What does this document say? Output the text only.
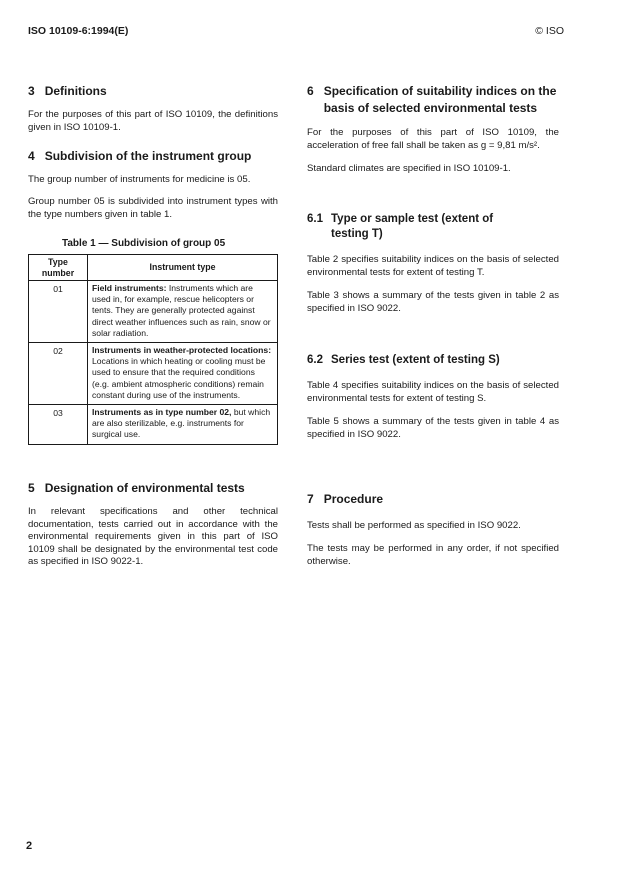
ISO 10109-6:1994(E)	© ISO
3 Definitions

For the purposes of this part of ISO 10109, the definitions given in ISO 10109-1.

4 Subdivision of the instrument group

The group number of instruments for medicine is 05.

Group number 05 is subdivided into instrument types with the type numbers given in table 1.

Table 1 — Subdivision of group 05
Type number	Instrument type
01	Field instruments: Instruments which are used in, for example, rescue helicopters or tents. They are generally protected against direct weather influences such as rain, snow or solar radiation.
02	Instruments in weather-protected locations: Locations in which heating or cooling must be used to ensure that the required conditions (e.g. ambient atmospheric conditions) remain constant during use of the instruments.
03	Instruments as in type number 02, but which are also sterilizable, e.g. instruments for surgical use.
5 Designation of environmental tests

In relevant specifications and other technical documentation, tests carried out in accordance with the environmental requirements given in this part of ISO 10109 shall be designated by the environmental test code as specified in ISO 9022-1.

6 Specification of suitability indices on the basis of selected environmental tests

For the purposes of this part of ISO 10109, the acceleration of free fall shall be taken as g = 9,81 m/s².

Standard climates are specified in ISO 10109-1.

6.1 Type or sample test (extent of testing T)

Table 2 specifies suitability indices on the basis of selected environmental tests for extent of testing T.

Table 3 shows a summary of the tests given in table 2 as specified in ISO 9022.

6.2 Series test (extent of testing S)

Table 4 specifies suitability indices on the basis of selected environmental tests for extent of testing S.

Table 5 shows a summary of the tests given in table 4 as specified in ISO 9022.

7 Procedure

Tests shall be performed as specified in ISO 9022.

The tests may be performed in any order, if not specified otherwise.

2
